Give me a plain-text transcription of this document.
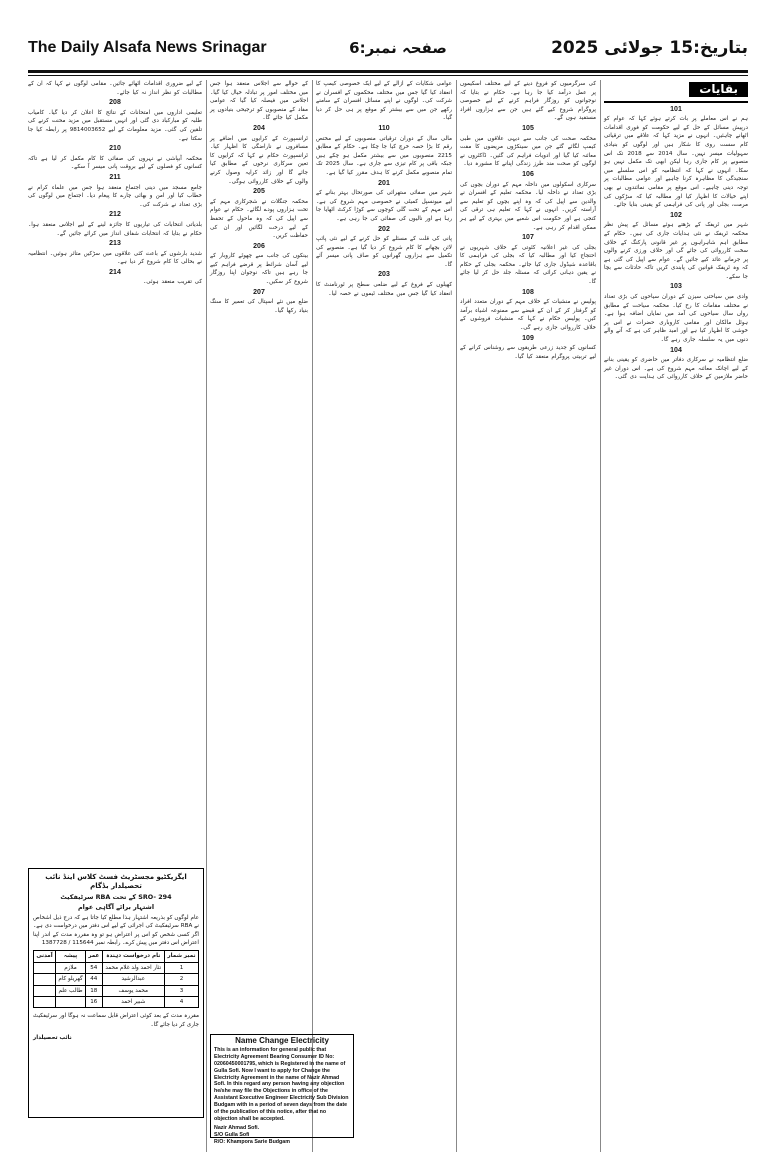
The Daily Alsafa News Srinagar	صفحہ نمبر:6	بتاریخ:15 جولائی 2025
بقایات
101

ہم نے اس معاملے پر بات کرتے ہوئے کہا کہ عوام کو درپیش مسائل کے حل کے لیے حکومت کو فوری اقدامات اٹھانے چاہئیں۔ انہوں نے مزید کہا کہ علاقے میں ترقیاتی کام سست روی کا شکار ہیں اور لوگوں کو بنیادی سہولیات میسر نہیں۔ سال 2014 سے 2018 تک اس منصوبے پر کام جاری رہا لیکن ابھی تک مکمل نہیں ہو سکا۔ انہوں نے کہا کہ انتظامیہ کو اس سلسلے میں سنجیدگی کا مظاہرہ کرنا چاہیے اور عوامی مطالبات پر توجہ دینی چاہیے۔ اس موقع پر مقامی نمائندوں نے بھی اپنے خیالات کا اظہار کیا اور مطالبہ کیا کہ سڑکوں کی مرمت، بجلی اور پانی کی فراہمی کو یقینی بنایا جائے۔

102

شہر میں ٹریفک کے بڑھتے ہوئے مسائل کے پیش نظر محکمہ ٹریفک نے نئی ہدایات جاری کی ہیں۔ حکام کے مطابق اہم شاہراہوں پر غیر قانونی پارکنگ کے خلاف سخت کارروائی کی جائے گی اور خلاف ورزی کرنے والوں پر جرمانے عائد کیے جائیں گے۔ عوام سے اپیل کی گئی ہے کہ وہ ٹریفک قوانین کی پابندی کریں تاکہ حادثات سے بچا جا سکے۔

103

وادی میں سیاحتی سیزن کے دوران سیاحوں کی بڑی تعداد نے مختلف مقامات کا رخ کیا۔ محکمہ سیاحت کے مطابق رواں سال سیاحوں کی آمد میں نمایاں اضافہ ہوا ہے۔ ہوٹل مالکان اور مقامی کاروباری حضرات نے اس پر خوشی کا اظہار کیا ہے اور امید ظاہر کی ہے کہ آنے والے دنوں میں یہ سلسلہ جاری رہے گا۔

104

ضلع انتظامیہ نے سرکاری دفاتر میں حاضری کو یقینی بنانے کے لیے اچانک معائنہ مہم شروع کی ہے۔ اس دوران غیر حاضر ملازمین کے خلاف کارروائی کی ہدایت دی گئی۔

کی سرگرمیوں کو فروغ دینے کے لیے مختلف اسکیموں پر عمل درآمد کیا جا رہا ہے۔ حکام نے بتایا کہ نوجوانوں کو روزگار فراہم کرنے کے لیے خصوصی پروگرام شروع کیے گئے ہیں جن سے ہزاروں افراد مستفید ہوں گے۔

105

محکمہ صحت کی جانب سے دیہی علاقوں میں طبی کیمپ لگائے گئے جن میں سینکڑوں مریضوں کا مفت معائنہ کیا گیا اور ادویات فراہم کی گئیں۔ ڈاکٹروں نے لوگوں کو صحت مند طرز زندگی اپنانے کا مشورہ دیا۔

106

سرکاری اسکولوں میں داخلہ مہم کے دوران بچوں کی بڑی تعداد نے داخلہ لیا۔ محکمہ تعلیم کے افسران نے والدین سے اپیل کی کہ وہ اپنے بچوں کو تعلیم سے آراستہ کریں۔ انہوں نے کہا کہ تعلیم ہی ترقی کی کنجی ہے اور حکومت اس شعبے میں بہتری کے لیے ہر ممکن اقدام کر رہی ہے۔

107

بجلی کی غیر اعلانیہ کٹوتی کے خلاف شہریوں نے احتجاج کیا اور مطالبہ کیا کہ بجلی کی فراہمی کا باقاعدہ شیڈول جاری کیا جائے۔ محکمہ بجلی کے حکام نے یقین دہانی کرائی کہ مسئلہ جلد حل کر لیا جائے گا۔

108

پولیس نے منشیات کے خلاف مہم کے دوران متعدد افراد کو گرفتار کر کے ان کے قبضے سے ممنوعہ اشیاء برآمد کیں۔ پولیس حکام نے کہا کہ منشیات فروشوں کے خلاف کارروائی جاری رہے گی۔

109

کسانوں کو جدید زرعی طریقوں سے روشناس کرانے کے لیے تربیتی پروگرام منعقد کیا گیا۔

عوامی شکایات کے ازالے کے لیے ایک خصوصی کیمپ کا انعقاد کیا گیا جس میں مختلف محکموں کے افسران نے شرکت کی۔ لوگوں نے اپنے مسائل افسران کے سامنے رکھے جن میں سے بیشتر کو موقع پر ہی حل کر دیا گیا۔

110

مالی سال کے دوران ترقیاتی منصوبوں کے لیے مختص رقم کا بڑا حصہ خرچ کیا جا چکا ہے۔ حکام کے مطابق 2215 منصوبوں میں سے بیشتر مکمل ہو چکے ہیں جبکہ باقی پر کام تیزی سے جاری ہے۔ سال 2025 تک تمام منصوبے مکمل کرنے کا ہدف مقرر کیا گیا ہے۔

201

شہر میں صفائی ستھرائی کی صورتحال بہتر بنانے کے لیے میونسپل کمیٹی نے خصوصی مہم شروع کی ہے۔ اس مہم کے تحت گلی کوچوں سے کوڑا کرکٹ اٹھایا جا رہا ہے اور نالیوں کی صفائی کی جا رہی ہے۔

202

پانی کی قلت کے مسئلے کو حل کرنے کے لیے نئی پائپ لائن بچھانے کا کام شروع کر دیا گیا ہے۔ منصوبے کی تکمیل سے ہزاروں گھرانوں کو صاف پانی میسر آئے گا۔

203

کھیلوں کے فروغ کے لیے ضلعی سطح پر ٹورنامنٹ کا انعقاد کیا گیا جس میں مختلف ٹیموں نے حصہ لیا۔

کے حوالے سے اجلاس منعقد ہوا جس میں مختلف امور پر تبادلہ خیال کیا گیا۔ اجلاس میں فیصلہ کیا گیا کہ عوامی مفاد کے منصوبوں کو ترجیحی بنیادوں پر مکمل کیا جائے گا۔

204

ٹرانسپورٹ کے کرایوں میں اضافے پر مسافروں نے ناراضگی کا اظہار کیا۔ ٹرانسپورٹ حکام نے کہا کہ کرایوں کا تعین سرکاری نرخوں کے مطابق کیا جائے گا اور زائد کرایہ وصول کرنے والوں کے خلاف کارروائی ہوگی۔

205

محکمہ جنگلات نے شجرکاری مہم کے تحت ہزاروں پودے لگائے۔ حکام نے عوام سے اپیل کی کہ وہ ماحول کے تحفظ کے لیے درخت لگائیں اور ان کی حفاظت کریں۔

206

بینکوں کی جانب سے چھوٹے کاروبار کے لیے آسان شرائط پر قرضے فراہم کیے جا رہے ہیں تاکہ نوجوان اپنا روزگار شروع کر سکیں۔

207

ضلع میں نئے اسپتال کی تعمیر کا سنگ بنیاد رکھا گیا۔

کے لیے ضروری اقدامات اٹھائے جائیں۔ مقامی لوگوں نے کہا کہ ان کے مطالبات کو نظر انداز نہ کیا جائے۔

208

تعلیمی اداروں میں امتحانات کے نتائج کا اعلان کر دیا گیا۔ کامیاب طلبہ کو مبارکباد دی گئی اور انہیں مستقبل میں مزید محنت کرنے کی تلقین کی گئی۔ مزید معلومات کے لیے 9814003652 پر رابطہ کیا جا سکتا ہے۔

210

محکمہ آبپاشی نے نہروں کی صفائی کا کام مکمل کر لیا ہے تاکہ کسانوں کو فصلوں کے لیے بروقت پانی میسر آ سکے۔

211

جامع مسجد میں دینی اجتماع منعقد ہوا جس میں علماء کرام نے خطاب کیا اور امن و بھائی چارے کا پیغام دیا۔ اجتماع میں لوگوں کی بڑی تعداد نے شرکت کی۔

212

بلدیاتی انتخابات کی تیاریوں کا جائزہ لینے کے لیے اجلاس منعقد ہوا۔ حکام نے بتایا کہ انتخابات شفاف انداز میں کرائے جائیں گے۔

213

شدید بارشوں کے باعث کئی علاقوں میں سڑکیں متاثر ہوئیں۔ انتظامیہ نے بحالی کا کام شروع کر دیا ہے۔

214

کی تقریب منعقد ہوئی۔

ایگزیکٹیو مجسٹریٹ فسٹ کلاس اینڈ نائب تحصیلدار بڈگام
SRO- 294 کے تحت RBA سرٹیفکیٹ
اشتہار برائے آگاہی عوام
عام لوگوں کو بذریعہ اشتہار ہذا مطلع کیا جاتا ہے کہ درج ذیل اشخاص نے RBA سرٹیفکیٹ کی اجرائی کے لیے اس دفتر میں درخواست دی ہے۔ اگر کسی شخص کو اس پر اعتراض ہو تو وہ مقررہ مدت کے اندر اپنا اعتراض اس دفتر میں پیش کرے۔ رابطہ نمبر 115644 / 1387728
نمبر شمار	نام درخواست دہندہ	عمر	پیشہ	آمدنی
1	نثار احمد ولد غلام محمد	54	ملازم	
2	عبدالرشید	44	گھریلو کام	
3	محمد یوسف	18	طالب علم	
4	شبیر احمد	16		
مقررہ مدت کے بعد کوئی اعتراض قابل سماعت نہ ہوگا اور سرٹیفکیٹ جاری کر دیا جائے گا۔
نائب تحصیلدار	Name Change Electricity
This is an information for general public that Electricity Agreement Bearing Consumer ID No: 02060450001795, which is Registered in the name of Gulla Sofi. Now I want to apply for Change the Electricity Agreement in the name of Nazir Ahmad Sofi. In this regard any person having any objection he/she may file the Objections in office of the Assistant Executive Engineer Electricity Sub Division Budgam with in a period of seven days from the date of the publication of this notice, after that no objection shall be accepted.
Nazir Ahmad Sofi.
S/O Gulla Sofi
R/O: Khampora Sarie Budgam
